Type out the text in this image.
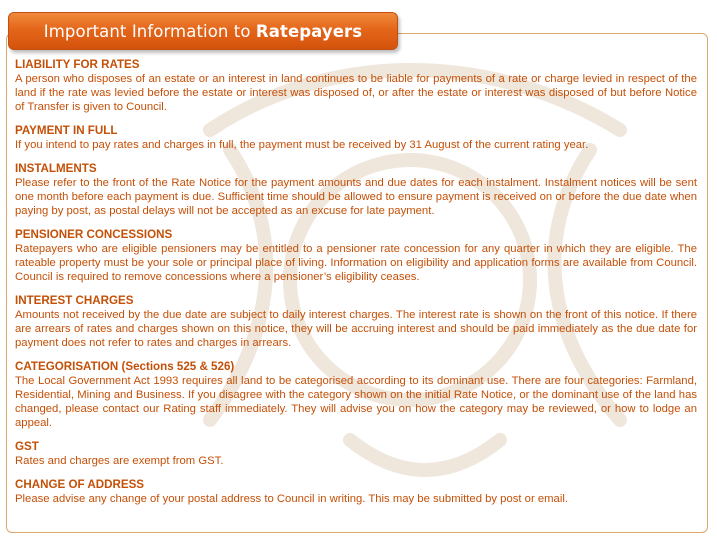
Important Information to Ratepayers
LIABILITY FOR RATES
A person who disposes of an estate or an interest in land continues to be liable for payments of a rate or charge levied in respect of the land if the rate was levied before the estate or interest was disposed of, or after the estate or interest was disposed of but before Notice of Transfer is given to Council.
PAYMENT IN FULL
If you intend to pay rates and charges in full, the payment must be received by 31 August of the current rating year.
INSTALMENTS
Please refer to the front of the Rate Notice for the payment amounts and due dates for each instalment. Instalment notices will be sent one month before each payment is due. Sufficient time should be allowed to ensure payment is received on or before the due date when paying by post, as postal delays will not be accepted as an excuse for late payment.
PENSIONER CONCESSIONS
Ratepayers who are eligible pensioners may be entitled to a pensioner rate concession for any quarter in which they are eligible. The rateable property must be your sole or principal place of living. Information on eligibility and application forms are available from Council. Council is required to remove concessions where a pensioner’s eligibility ceases.
INTEREST CHARGES
Amounts not received by the due date are subject to daily interest charges. The interest rate is shown on the front of this notice. If there are arrears of rates and charges shown on this notice, they will be accruing interest and should be paid immediately as the due date for payment does not refer to rates and charges in arrears.
CATEGORISATION (Sections 525 & 526)
The Local Government Act 1993 requires all land to be categorised according to its dominant use. There are four categories: Farmland, Residential, Mining and Business. If you disagree with the category shown on the initial Rate Notice, or the dominant use of the land has changed, please contact our Rating staff immediately. They will advise you on how the category may be reviewed, or how to lodge an appeal.
GST
Rates and charges are exempt from GST.
CHANGE OF ADDRESS
Please advise any change of your postal address to Council in writing. This may be submitted by post or email.
